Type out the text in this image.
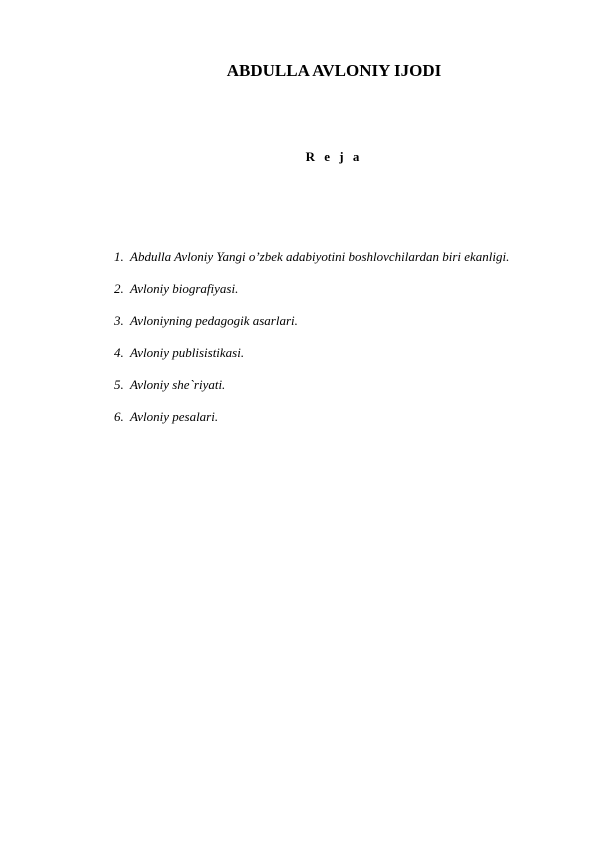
ABDULLA AVLONIY IJODI
R e j a
1. Abdulla Avloniy Yangi o’zbek adabiyotini boshlovchilardan biri ekanligi.
2. Avloniy biografiyasi.
3. Avloniyning pedagogik asarlari.
4. Avloniy publisistikasi.
5. Avloniy she`riyati.
6. Avloniy pesalari.
